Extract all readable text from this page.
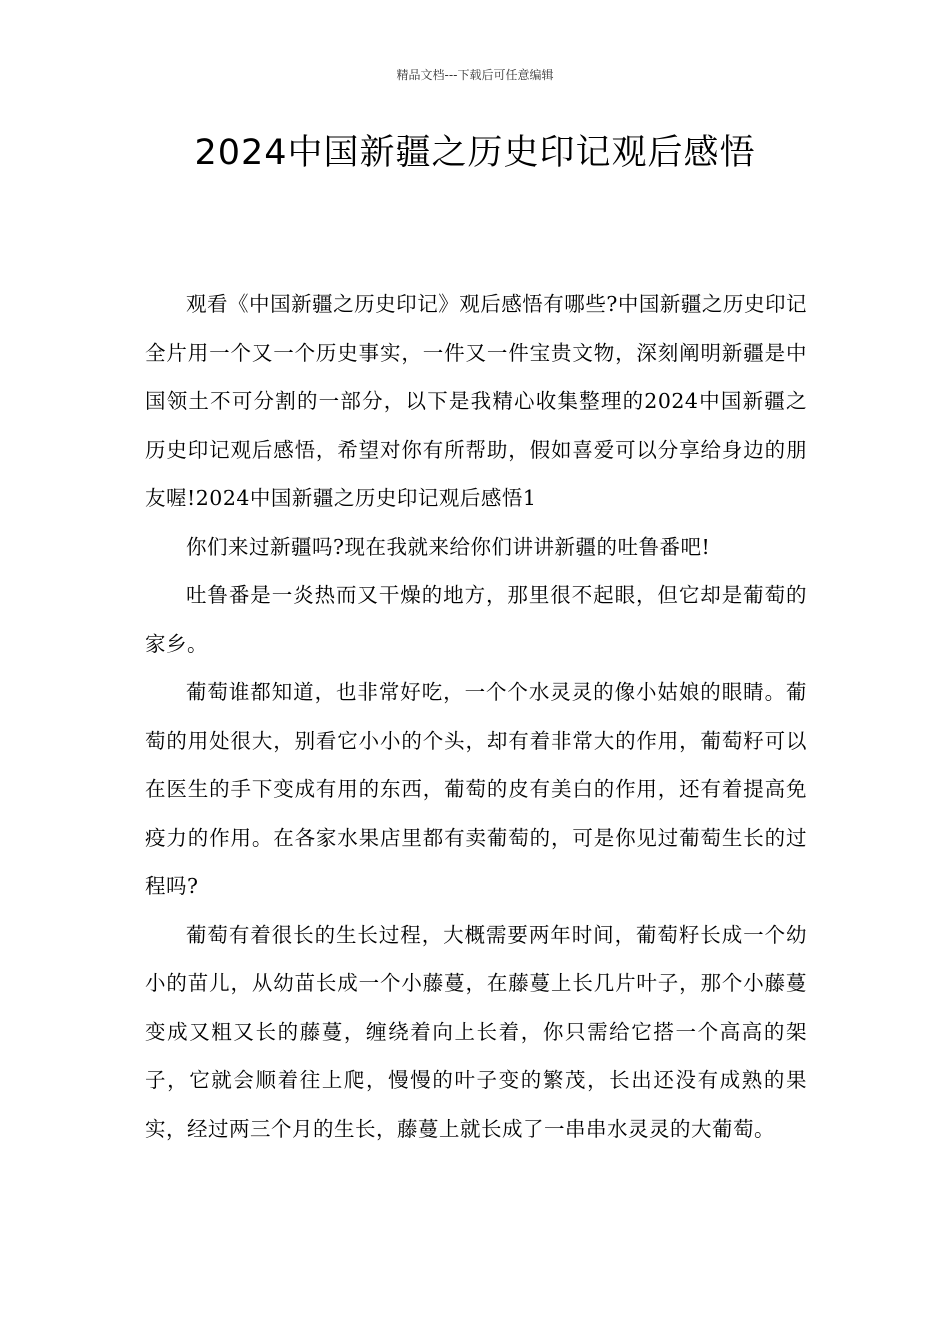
精品文档---下载后可任意编辑
2024中国新疆之历史印记观后感悟

观看《中国新疆之历史印记》观后感悟有哪些?中国新疆之历史印记全片用一个又一个历史事实，一件又一件宝贵文物，深刻阐明新疆是中国领土不可分割的一部分，以下是我精心收集整理的2024中国新疆之历史印记观后感悟，希望对你有所帮助，假如喜爱可以分享给身边的朋友喔!2024中国新疆之历史印记观后感悟1

你们来过新疆吗?现在我就来给你们讲讲新疆的吐鲁番吧!

吐鲁番是一炎热而又干燥的地方，那里很不起眼，但它却是葡萄的家乡。

葡萄谁都知道，也非常好吃，一个个水灵灵的像小姑娘的眼睛。葡萄的用处很大，别看它小小的个头，却有着非常大的作用，葡萄籽可以在医生的手下变成有用的东西，葡萄的皮有美白的作用，还有着提高免疫力的作用。在各家水果店里都有卖葡萄的，可是你见过葡萄生长的过程吗?

葡萄有着很长的生长过程，大概需要两年时间，葡萄籽长成一个幼小的苗儿，从幼苗长成一个小藤蔓，在藤蔓上长几片叶子，那个小藤蔓变成又粗又长的藤蔓，缠绕着向上长着，你只需给它搭一个高高的架子，它就会顺着往上爬，慢慢的叶子变的繁茂，长出还没有成熟的果实，经过两三个月的生长，藤蔓上就长成了一串串水灵灵的大葡萄。
